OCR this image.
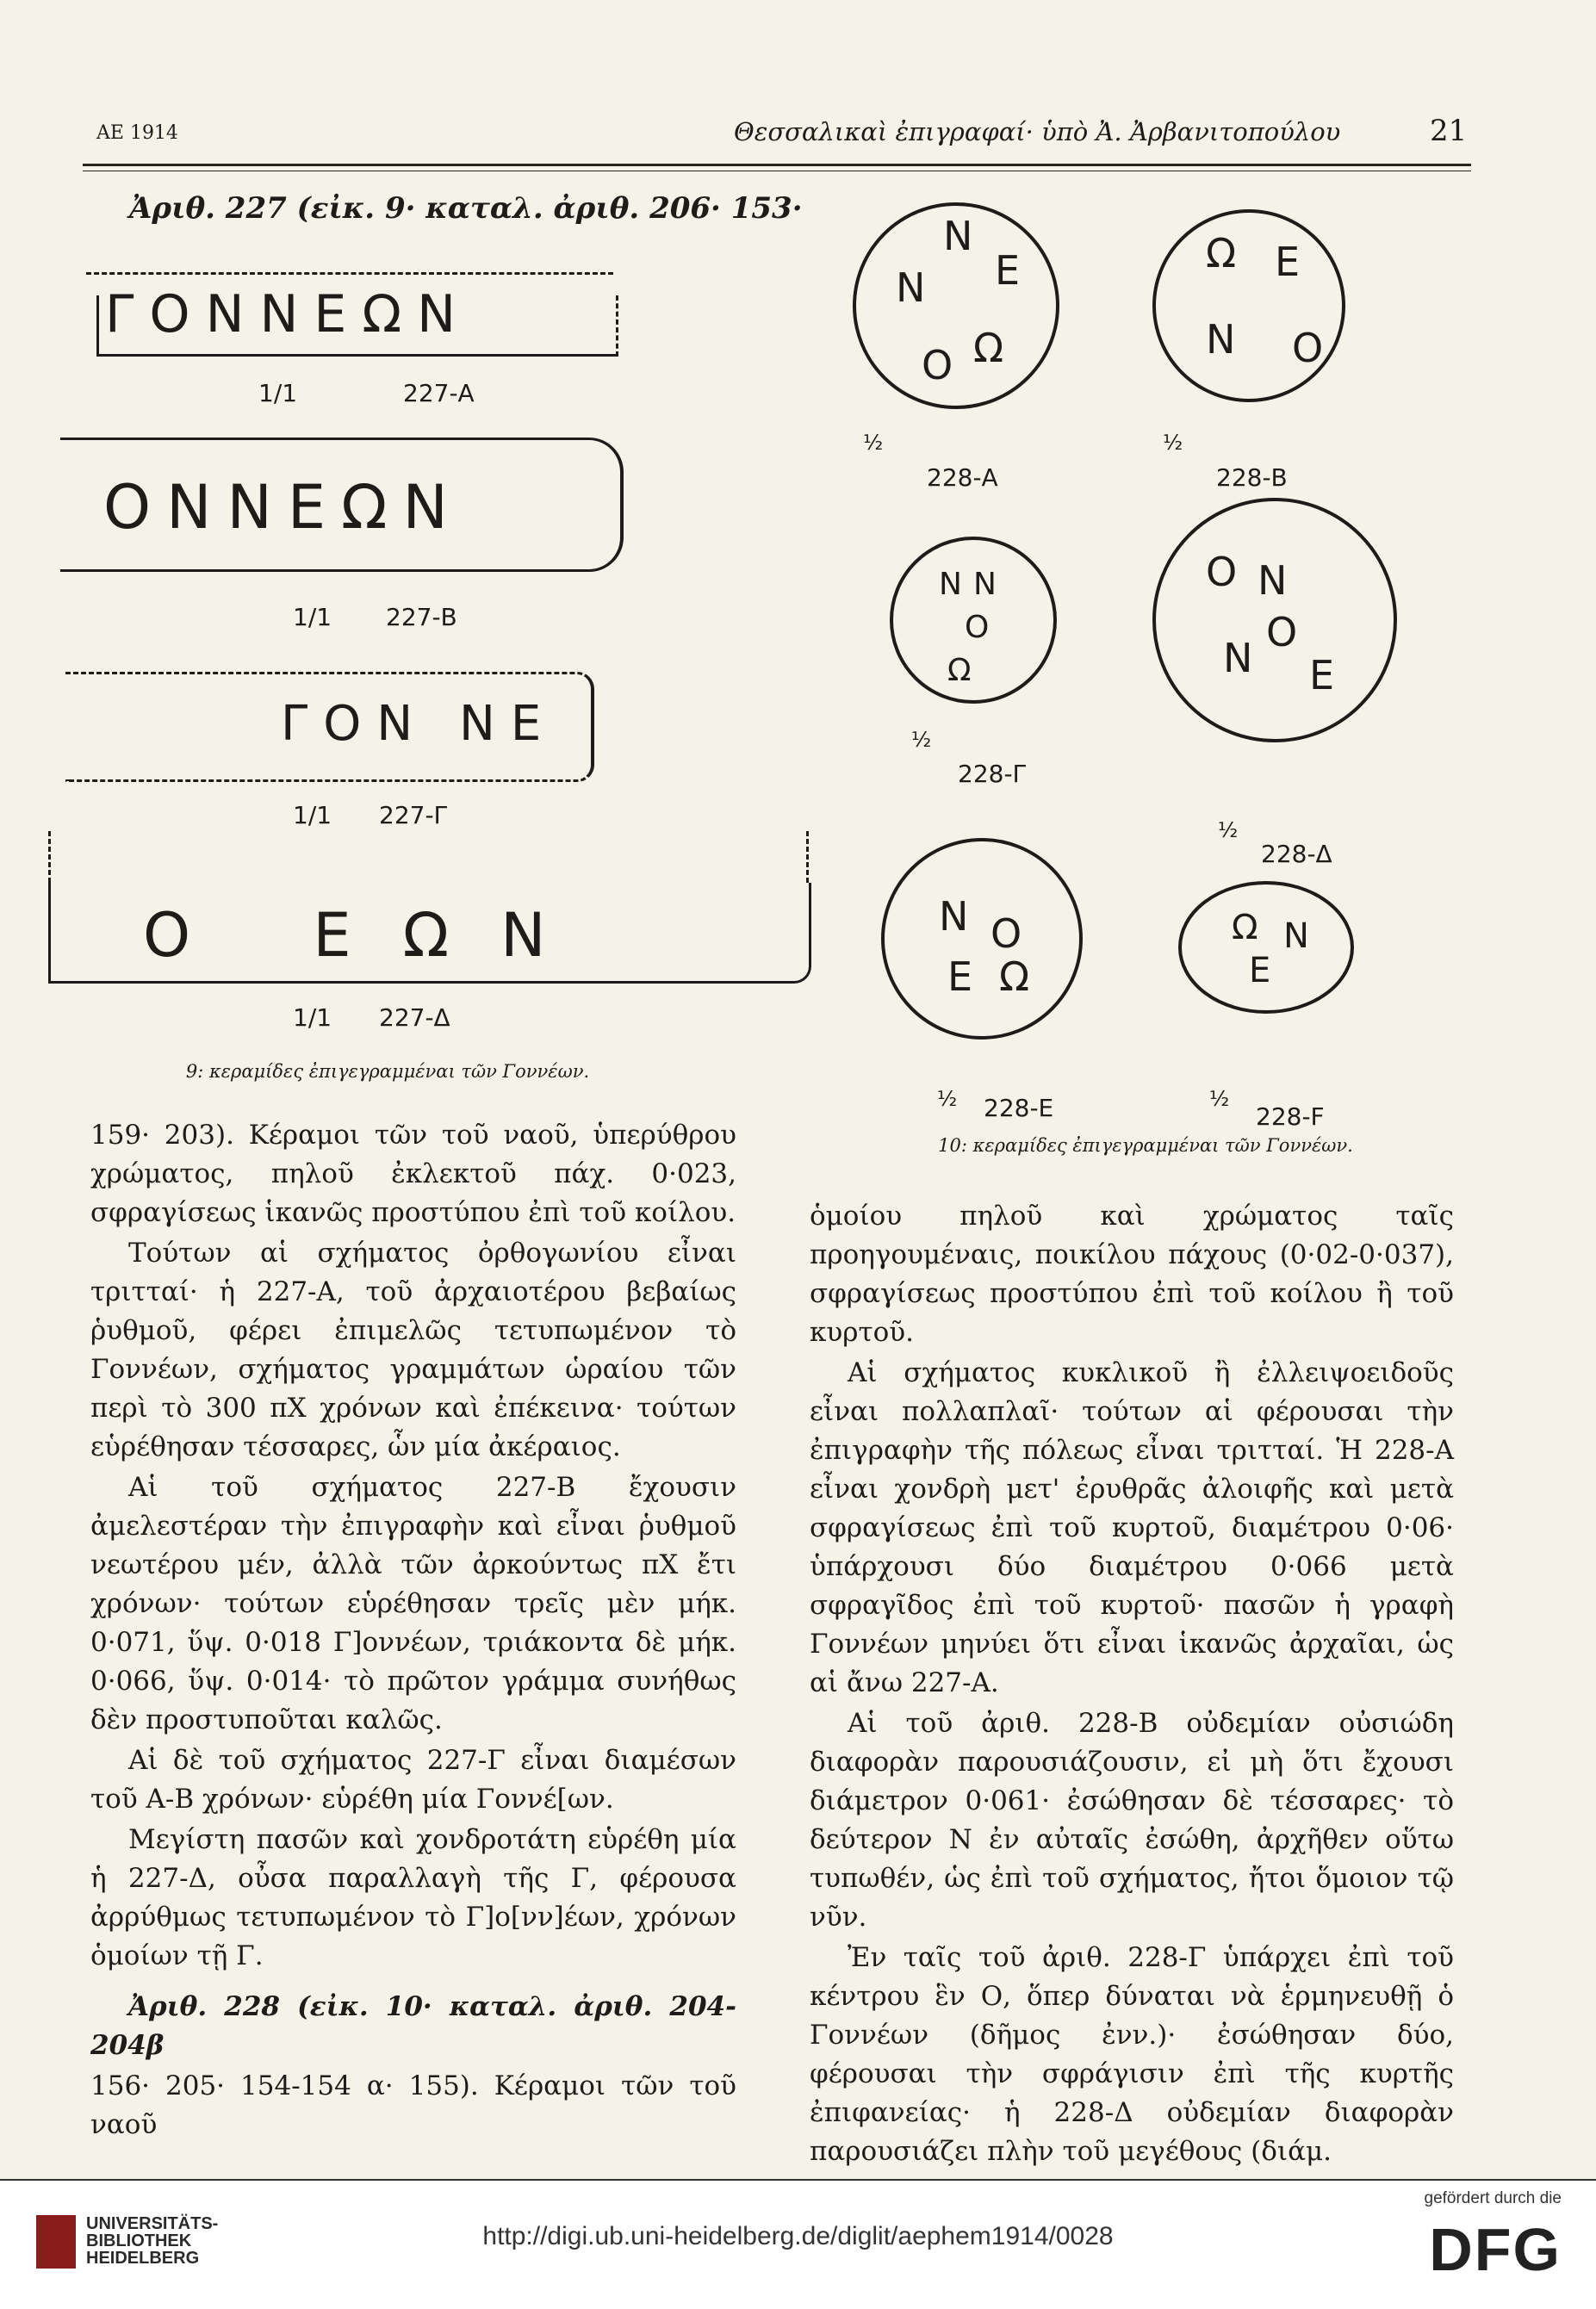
ΑΕ 1914	Θεσσαλικαὶ ἐπιγραφαί· ὑπὸ Ἀ. Ἀρβανιτοπούλου	21
Ἀριθ. 227 (εἰκ. 9· καταλ. ἀριθ. 206· 153·
ΓΟΝΝΕΩΝ
1/1	227-Α
ΟΝΝΕΩΝ
1/1 227-Β
ΓΟΝ ΝΕ
1/1 227-Γ
Ο ΕΩΝ
1/1 227-Δ
9: κεραμίδες ἐπιγεγραμμέναι τῶν Γοννέων.
N
N
E
Ω
O
Ω E
N O
N N
O
Ω
O N
O
E
N
N O
E Ω
Ω N
E
½
228-Α
½
228-Β
½
228-Γ
½
228-Δ
½ 228-Ε	½
228-F
10: κεραμίδες ἐπιγεγραμμέναι τῶν Γοννέων.

159· 203). Κέραμοι τῶν τοῦ ναοῦ, ὑπερύθρου χρώματος, πηλοῦ ἐκλεκτοῦ πάχ. 0·023, σφραγίσεως ἱκανῶς προστύπου ἐπὶ τοῦ κοίλου.

Τούτων αἱ σχήματος ὀρθογωνίου εἶναι τριτταί· ἡ 227-Α, τοῦ ἀρχαιοτέρου βεβαίως ῥυθμοῦ, φέρει ἐπιμελῶς τετυπωμένον τὸ Γοννέων, σχήματος γραμμάτων ὡραίου τῶν περὶ τὸ 300 πΧ χρόνων καὶ ἐπέκεινα· τούτων εὑρέθησαν τέσσαρες, ὧν μία ἀκέραιος.

Αἱ τοῦ σχήματος 227-Β ἔχουσιν ἀμελεστέραν τὴν ἐπιγραφὴν καὶ εἶναι ῥυθμοῦ νεωτέρου μέν, ἀλλὰ τῶν ἀρκούντως πΧ ἔτι χρόνων· τούτων εὑρέθησαν τρεῖς μὲν μήκ. 0·071, ὕψ. 0·018 Γ]οννέων, τριάκοντα δὲ μήκ. 0·066, ὕψ. 0·014· τὸ πρῶτον γράμμα συνήθως δὲν προστυποῦται καλῶς.

Αἱ δὲ τοῦ σχήματος 227-Γ εἶναι διαμέσων τοῦ Α-Β χρόνων· εὑρέθη μία Γοννέ[ων.

Μεγίστη πασῶν καὶ χονδροτάτη εὑρέθη μία ἡ 227-Δ, οὖσα παραλλαγὴ τῆς Γ, φέρουσα ἀρρύθμως τετυπωμένον τὸ Γ]ο[νν]έων, χρόνων ὁμοίων τῇ Γ.

Ἀριθ. 228 (εἰκ. 10· καταλ. ἀριθ. 204-204β

156· 205· 154-154 α· 155). Κέραμοι τῶν τοῦ ναοῦ

ὁμοίου πηλοῦ καὶ χρώματος ταῖς προηγουμέναις, ποικίλου πάχους (0·02-0·037), σφραγίσεως προστύπου ἐπὶ τοῦ κοίλου ἢ τοῦ κυρτοῦ.

Αἱ σχήματος κυκλικοῦ ἢ ἐλλειψοειδοῦς εἶναι πολλαπλαῖ· τούτων αἱ φέρουσαι τὴν ἐπιγραφὴν τῆς πόλεως εἶναι τριτταί. Ἡ 228-Α εἶναι χονδρὴ μετ' ἐρυθρᾶς ἀλοιφῆς καὶ μετὰ σφραγίσεως ἐπὶ τοῦ κυρτοῦ, διαμέτρου 0·06· ὑπάρχουσι δύο διαμέτρου 0·066 μετὰ σφραγῖδος ἐπὶ τοῦ κυρτοῦ· πασῶν ἡ γραφὴ Γοννέων μηνύει ὅτι εἶναι ἱκανῶς ἀρχαῖαι, ὡς αἱ ἄνω 227-Α.

Αἱ τοῦ ἀριθ. 228-Β οὐδεμίαν οὐσιώδη διαφορὰν παρουσιάζουσιν, εἰ μὴ ὅτι ἔχουσι διάμετρον 0·061· ἐσώθησαν δὲ τέσσαρες· τὸ δεύτερον Ν ἐν αὐταῖς ἐσώθη, ἀρχῆθεν οὕτω τυπωθέν, ὡς ἐπὶ τοῦ σχήματος, ἤτοι ὅμοιον τῷ νῦν.

Ἐν ταῖς τοῦ ἀριθ. 228-Γ ὑπάρχει ἐπὶ τοῦ κέντρου ἓν Ο, ὅπερ δύναται νὰ ἑρμηνευθῇ ὁ Γοννέων (δῆμος ἐνν.)· ἐσώθησαν δύο, φέρουσαι τὴν σφράγισιν ἐπὶ τῆς κυρτῆς ἐπιφανείας· ἡ 228-Δ οὐδεμίαν διαφορὰν παρουσιάζει πλὴν τοῦ μεγέθους (διάμ.

UNIVERSITÄTS-BIBLIOTHEK HEIDELBERG
http://digi.ub.uni-heidelberg.de/diglit/aephem1914/0028
gefördert durch die
DFG
